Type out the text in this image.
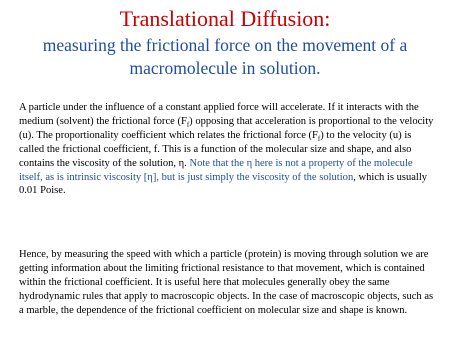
Translational Diffusion:
measuring the frictional force on the movement of a macromolecule in solution.

A particle under the influence of a constant applied force will accelerate. If it interacts with the medium (solvent) the frictional force $(F_f)$ opposing that acceleration is proportional to the velocity (u). The proportionality coefficient which relates the frictional force $(F_f)$ to the velocity (u) is called the frictional coefficient, f. This is a function of the molecular size and shape, and also contains the viscosity of the solution, η. Note that the η here is not a property of the molecule itself, as is intrinsic viscosity [η], but is just simply the viscosity of the solution, which is usually 0.01 Poise.

Hence, by measuring the speed with which a particle (protein) is moving through solution we are getting information about the limiting frictional resistance to that movement, which is contained within the frictional coefficient. It is useful here that molecules generally obey the same hydrodynamic rules that apply to macroscopic objects. In the case of macroscopic objects, such as a marble, the dependence of the frictional coefficient on molecular size and shape is known.
